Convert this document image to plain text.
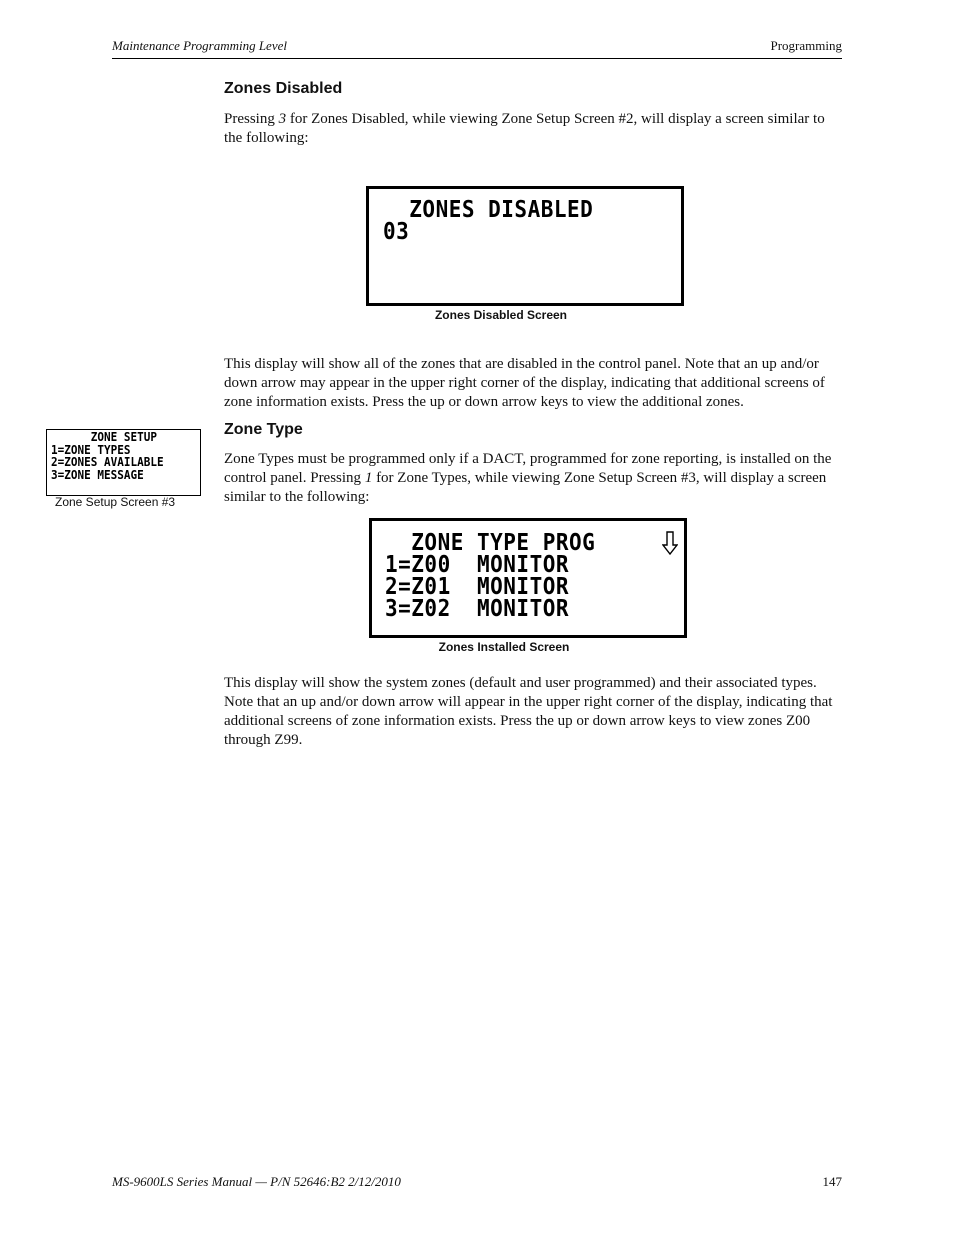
Maintenance Programming Level	Programming
Zones Disabled
Pressing 3 for Zones Disabled, while viewing Zone Setup Screen #2, will display a screen similar to the following:
ZONES DISABLED
03
Zones Disabled Screen
This display will show all of the zones that are disabled in the control panel. Note that an up and/or down arrow may appear in the upper right corner of the display, indicating that additional screens of zone information exists. Press the up or down arrow keys to view the additional zones.
ZONE SETUP
1=ZONE TYPES
2=ZONES AVAILABLE
3=ZONE MESSAGE
Zone Setup Screen #3
Zone Type
Zone Types must be programmed only if a DACT, programmed for zone reporting, is installed on the control panel. Pressing 1 for Zone Types, while viewing Zone Setup Screen #3, will display a screen similar to the following:
ZONE TYPE PROG
1=Z00  MONITOR
2=Z01  MONITOR
3=Z02  MONITOR
Zones Installed Screen
This display will show the system zones (default and user programmed) and their associated types. Note that an up and/or down arrow will appear in the upper right corner of the display, indicating that additional screens of zone information exists. Press the up or down arrow keys to view zones Z00 through Z99.
MS-9600LS Series Manual — P/N 52646:B2 2/12/2010	147
